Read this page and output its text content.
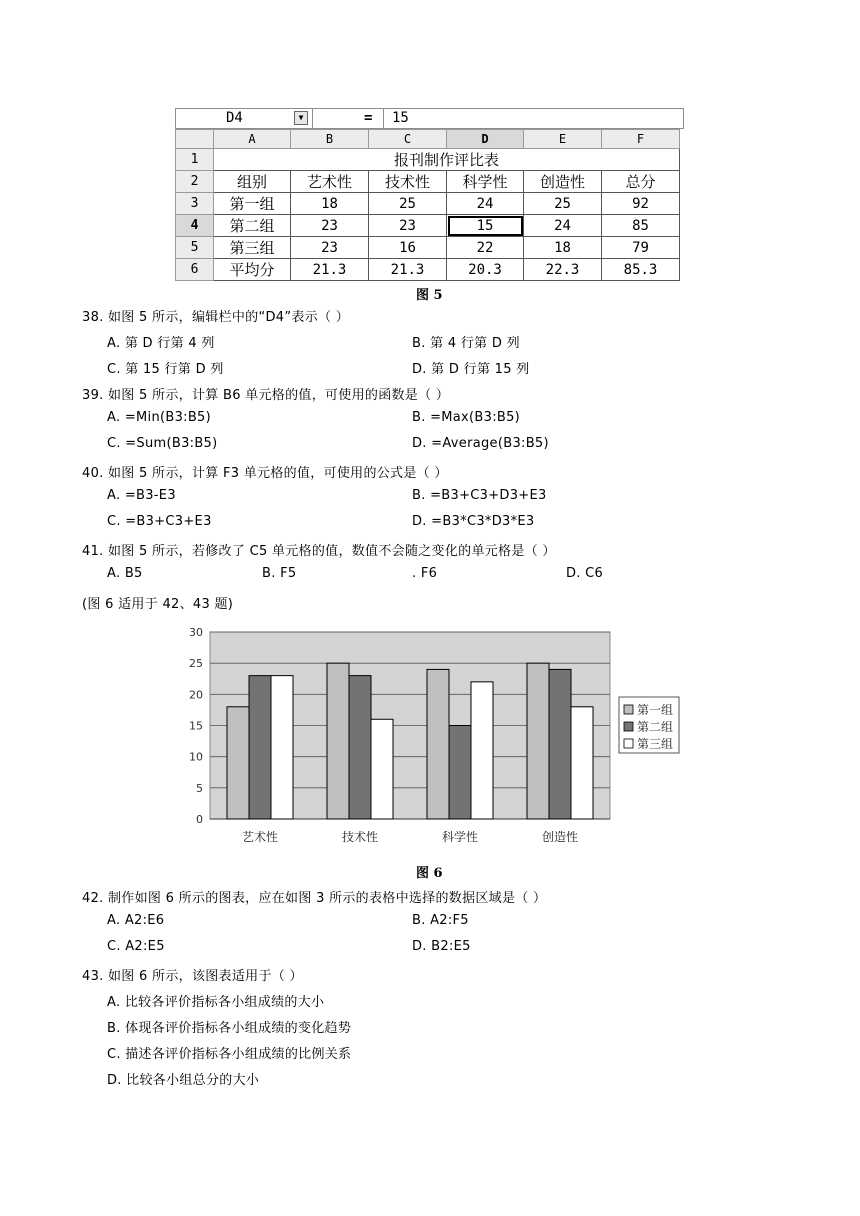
D4	▼	= 15
	A	B	C	D	E	F
1	报刊制作评比表					
2	组别	艺术性	技术性	科学性	创造性	总分
3	第一组	18	25	24	25	92
4	第二组	23	23	15	24	85
5	第三组	23	16	22	18	79
6	平均分	21.3	21.3	20.3	22.3	85.3
图 5
38. 如图 5 所示，编辑栏中的“D4”表示（ ）
A. 第 D 行第 4 列	B. 第 4 行第 D 列
C. 第 15 行第 D 列	D. 第 D 行第 15 列
39. 如图 5 所示，计算 B6 单元格的值，可使用的函数是（ ）
A. =Min(B3:B5)	B. =Max(B3:B5)
C. =Sum(B3:B5)	D. =Average(B3:B5)
40. 如图 5 所示，计算 F3 单元格的值，可使用的公式是（ ）
A. =B3-E3	B. =B3+C3+D3+E3
C. =B3+C3+E3	D. =B3*C3*D3*E3
41. 如图 5 所示，若修改了 C5 单元格的值，数值不会随之变化的单元格是（ ）
A. B5	B. F5	. F6	D. C6
(图 6 适用于 42、43 题)
0
5
10
15
20
25
30
艺术性	技术性	科学性	创造性
第一组
第二组
第三组
图 6
42. 制作如图 6 所示的图表，应在如图 3 所示的表格中选择的数据区域是（ ）
A. A2:E6	B. A2:F5
C. A2:E5	D. B2:E5
43. 如图 6 所示，该图表适用于（ ）
A. 比较各评价指标各小组成绩的大小
B. 体现各评价指标各小组成绩的变化趋势
C. 描述各评价指标各小组成绩的比例关系
D. 比较各小组总分的大小
